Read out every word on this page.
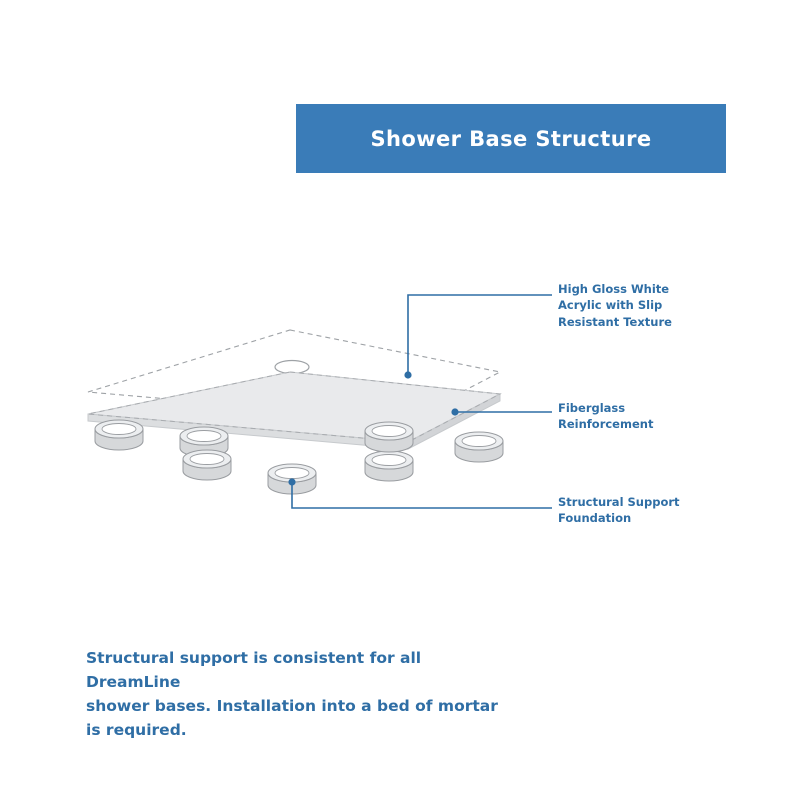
Shower Base Structure
High Gloss White
Acrylic with Slip
Resistant Texture
Fiberglass
Reinforcement
Structural Support
Foundation
Structural support is consistent for all DreamLine
shower bases. Installation into a bed of mortar
is required.
